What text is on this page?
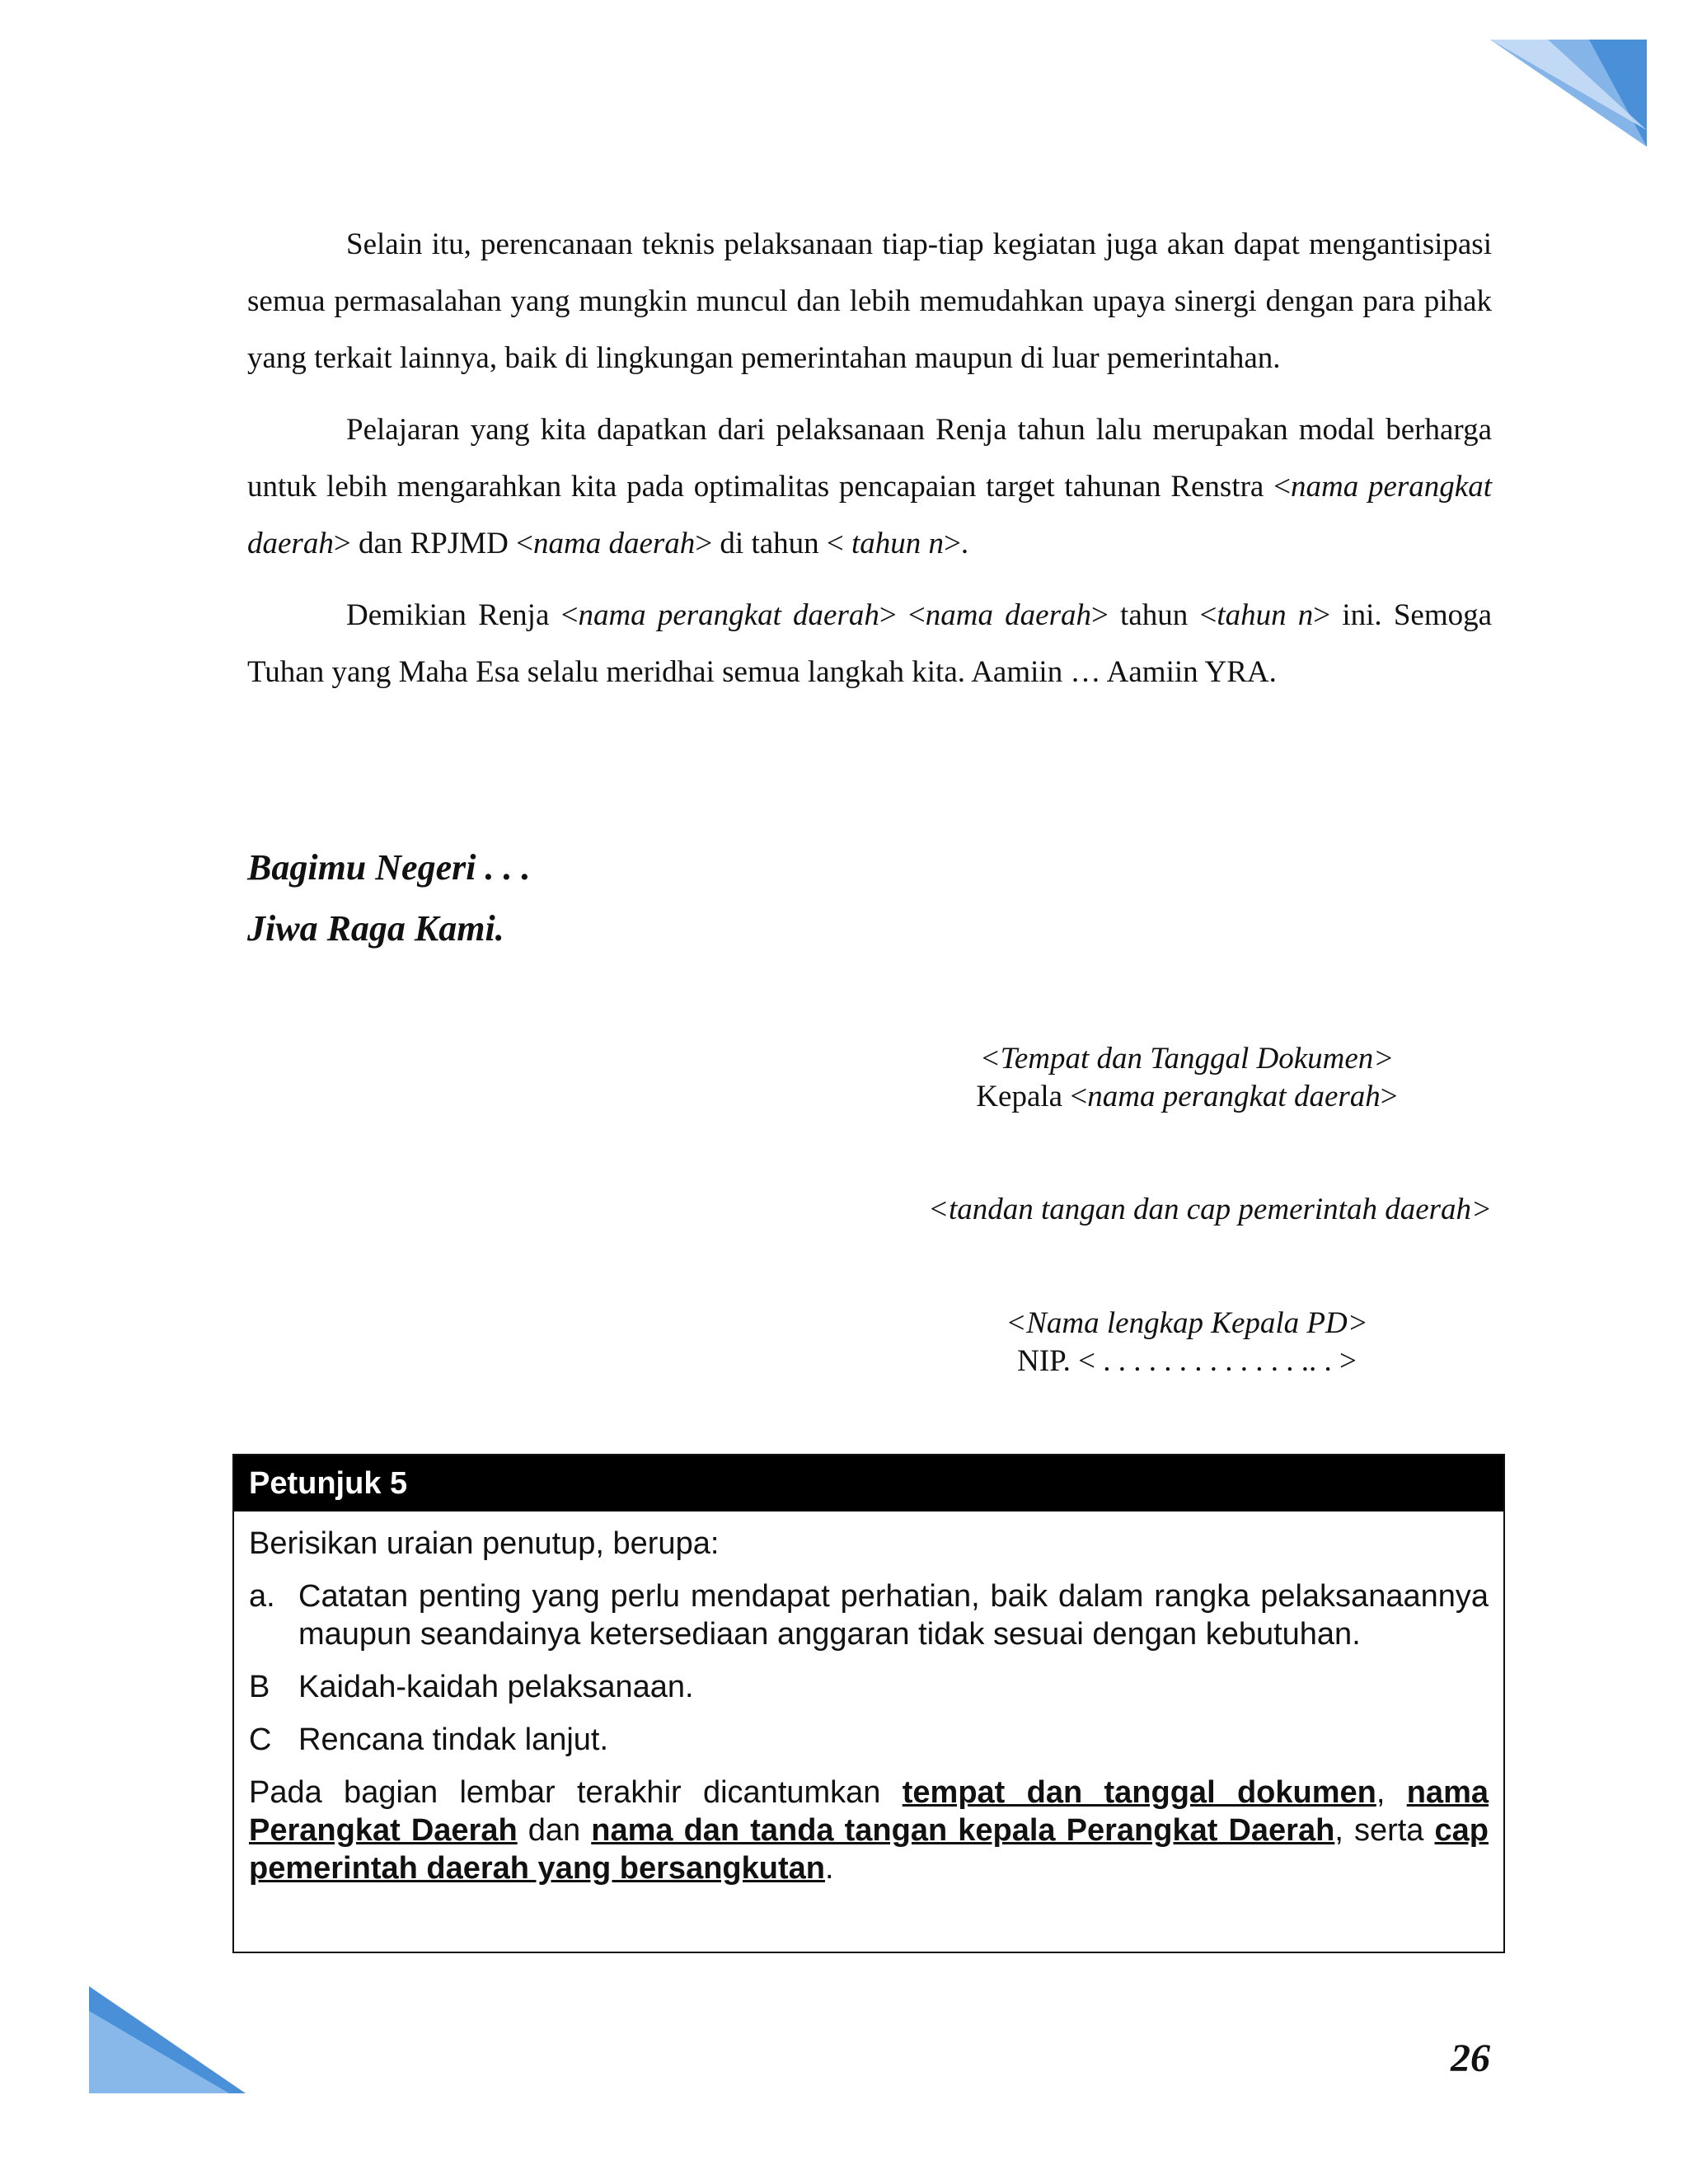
Selain itu, perencanaan teknis pelaksanaan tiap-tiap kegiatan juga akan dapat mengantisipasi semua permasalahan yang mungkin muncul dan lebih memudahkan upaya sinergi dengan para pihak yang terkait lainnya, baik di lingkungan pemerintahan maupun di luar pemerintahan.

Pelajaran yang kita dapatkan dari pelaksanaan Renja tahun lalu merupakan modal berharga untuk lebih mengarahkan kita pada optimalitas pencapaian target tahunan Renstra <nama perangkat daerah> dan RPJMD <nama daerah> di tahun < tahun n>.

Demikian Renja <nama perangkat daerah> <nama daerah> tahun <tahun n> ini. Semoga Tuhan yang Maha Esa selalu meridhai semua langkah kita. Aamiin … Aamiin YRA.

Bagimu Negeri . . .
Jiwa Raga Kami.
<Tempat dan Tanggal Dokumen>
Kepala <nama perangkat daerah>
<tandan tangan dan cap pemerintah daerah>
<Nama lengkap Kepala PD>
NIP. < . . . . . . . . . . . . . .. . >
Petunjuk 5
Berisikan uraian penutup, berupa:
a. Catatan penting yang perlu mendapat perhatian, baik dalam rangka pelaksanaannya maupun seandainya ketersediaan anggaran tidak sesuai dengan kebutuhan.
B Kaidah-kaidah pelaksanaan.
C Rencana tindak lanjut.
Pada bagian lembar terakhir dicantumkan tempat dan tanggal dokumen, nama Perangkat Daerah dan nama dan tanda tangan kepala Perangkat Daerah, serta cap pemerintah daerah yang bersangkutan.
26
